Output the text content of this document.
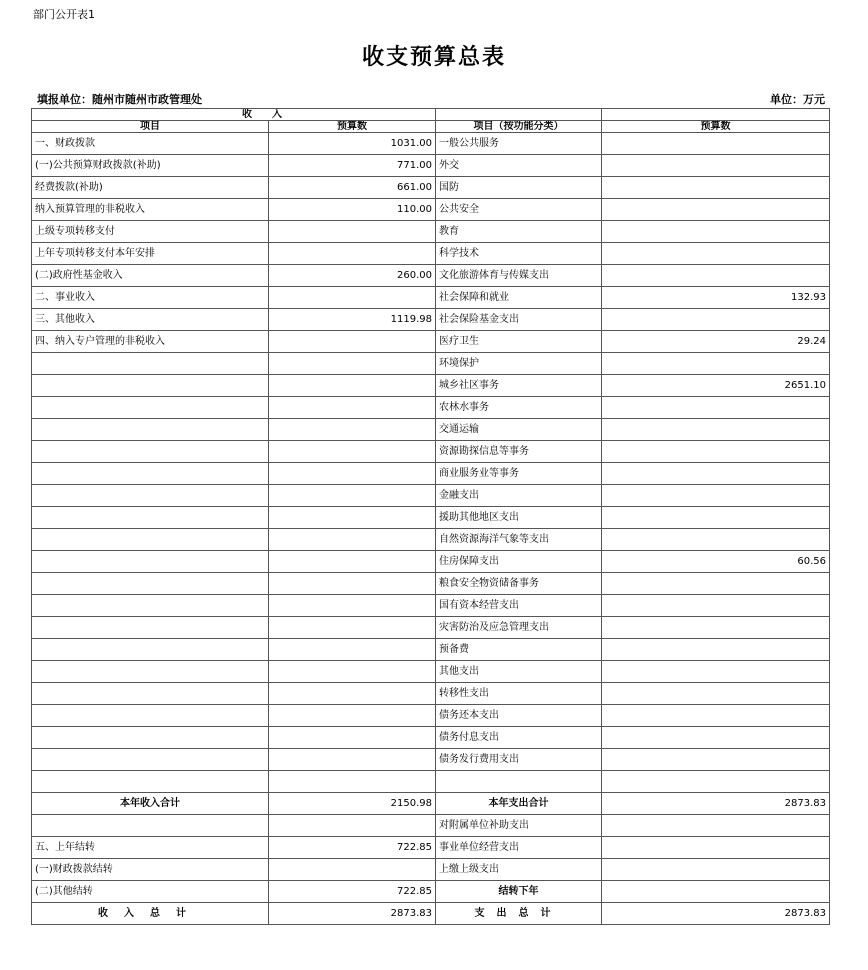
部门公开表1
收支预算总表
填报单位：随州市随州市政管理处	单位：万元
收　　入			
项目	预算数	项目（按功能分类）	预算数
一、财政拨款	1031.00	一般公共服务	
(一)公共预算财政拨款(补助)	771.00	外交	
经费拨款(补助)	661.00	国防	
纳入预算管理的非税收入	110.00	公共安全	
上级专项转移支付		教育	
上年专项转移支付本年安排		科学技术	
(二)政府性基金收入	260.00	文化旅游体育与传媒支出	
二、事业收入		社会保障和就业	132.93
三、其他收入	1119.98	社会保险基金支出	
四、纳入专户管理的非税收入		医疗卫生	29.24
		环境保护	
		城乡社区事务	2651.10
		农林水事务	
		交通运输	
		资源勘探信息等事务	
		商业服务业等事务	
		金融支出	
		援助其他地区支出	
		自然资源海洋气象等支出	
		住房保障支出	60.56
		粮食安全物资储备事务	
		国有资本经营支出	
		灾害防治及应急管理支出	
		预备费	
		其他支出	
		转移性支出	
		债务还本支出	
		债务付息支出	
		债务发行费用支出	

本年收入合计	2150.98	本年支出合计	2873.83
		对附属单位补助支出	
五、上年结转	722.85	事业单位经营支出	
(一)财政拨款结转		上缴上级支出	
(二)其他结转	722.85	结转下年	
收入总计	2873.83	支出总计	2873.83
